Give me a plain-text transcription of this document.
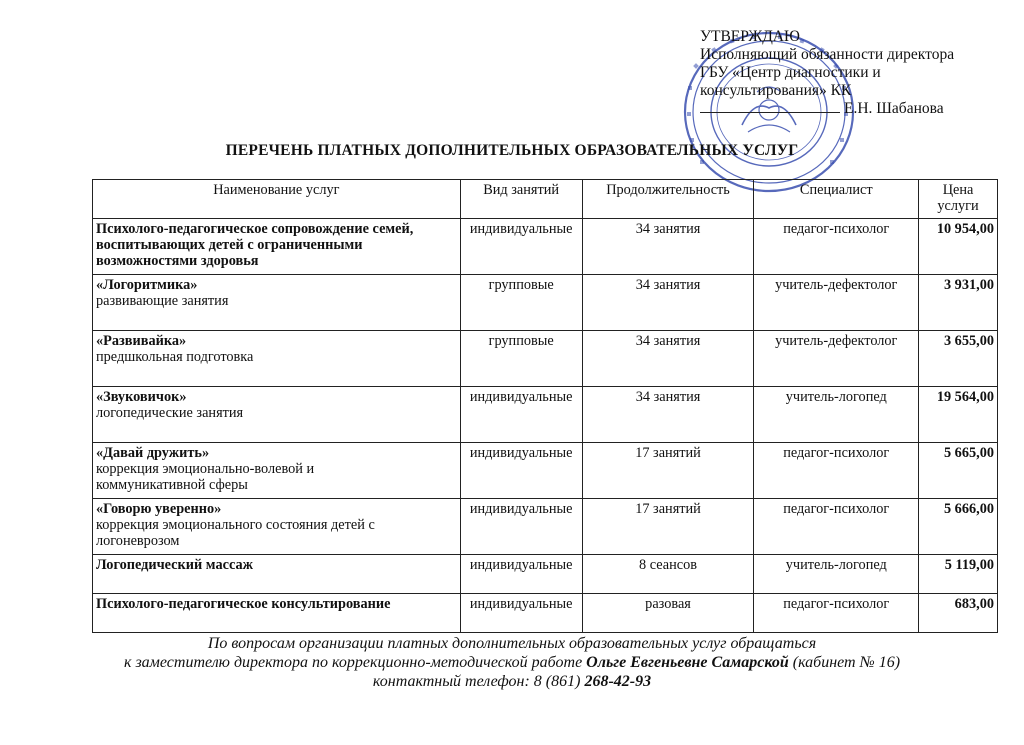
УТВЕРЖДАЮ
Исполняющий обязанности директора
ГБУ «Центр диагностики и
консультирования» КК
Е.Н. Шабанова
ПЕРЕЧЕНЬ ПЛАТНЫХ ДОПОЛНИТЕЛЬНЫХ ОБРАЗОВАТЕЛЬНЫХ УСЛУГ
Наименование услуг	Вид занятий	Продолжительность	Специалист	Цена услуги

Психолого-педагогическое сопровождение семей, воспитывающих детей с ограниченными возможностями здоровья	индивидуальные	34 занятия	педагог-психолог	10 954,00

«Логоритмика»
развивающие занятия	групповые	34 занятия	учитель-дефектолог	3 931,00

«Развивайка»
предшкольная подготовка	групповые	34 занятия	учитель-дефектолог	3 655,00

«Звуковичок»
логопедические занятия	индивидуальные	34 занятия	учитель-логопед	19 564,00

«Давай дружить»
коррекция эмоционально-волевой и коммуникативной сферы	индивидуальные	17 занятий	педагог-психолог	5 665,00

«Говорю уверенно»
коррекция эмоционального состояния детей с логоневрозом	индивидуальные	17 занятий	педагог-психолог	5 666,00

Логопедический массаж	индивидуальные	8 сеансов	учитель-логопед	5 119,00

Психолого-педагогическое консультирование	индивидуальные	разовая	педагог-психолог	683,00
По вопросам организации платных дополнительных образовательных услуг обращаться
к заместителю директора по коррекционно-методической работе Ольге Евгеньевне Самарской (кабинет № 16)
контактный телефон: 8 (861) 268-42-93
